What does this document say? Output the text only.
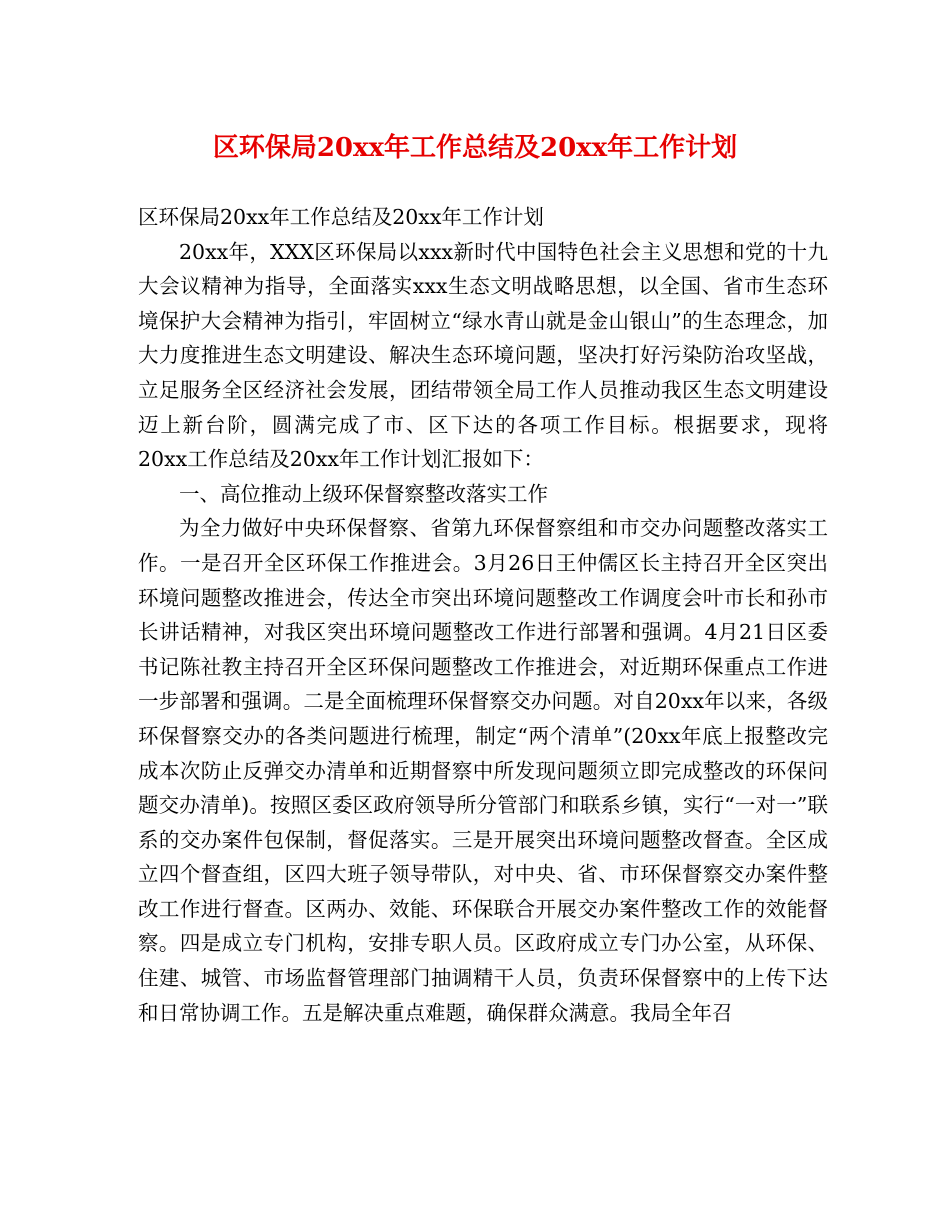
区环保局20xx年工作总结及20xx年工作计划

区环保局20xx年工作总结及20xx年工作计划

20xx年，XXX区环保局以xxx新时代中国特色社会主义思想和党的十九大会议精神为指导，全面落实xxx生态文明战略思想，以全国、省市生态环境保护大会精神为指引，牢固树立“绿水青山就是金山银山”的生态理念，加大力度推进生态文明建设、解决生态环境问题，坚决打好污染防治攻坚战，立足服务全区经济社会发展，团结带领全局工作人员推动我区生态文明建设迈上新台阶，圆满完成了市、区下达的各项工作目标。根据要求，现将 20xx工作总结及20xx年工作计划汇报如下：

一、高位推动上级环保督察整改落实工作

为全力做好中央环保督察、省第九环保督察组和市交办问题整改落实工作。一是召开全区环保工作推进会。3月26日王仲儒区长主持召开全区突出环境问题整改推进会，传达全市突出环境问题整改工作调度会叶市长和孙市长讲话精神，对我区突出环境问题整改工作进行部署和强调。4月21日区委书记陈社教主持召开全区环保问题整改工作推进会，对近期环保重点工作进一步部署和强调。二是全面梳理环保督察交办问题。对自20xx年以来，各级环保督察交办的各类问题进行梳理，制定“两个清单”(20xx年底上报整改完成本次防止反弹交办清单和近期督察中所发现问题须立即完成整改的环保问题交办清单)。按照区委区政府领导所分管部门和联系乡镇，实行“一对一”联系的交办案件包保制，督促落实。三是开展突出环境问题整改督查。全区成立四个督查组，区四大班子领导带队，对中央、省、市环保督察交办案件整改工作进行督查。区两办、效能、环保联合开展交办案件整改工作的效能督察。四是成立专门机构，安排专职人员。区政府成立专门办公室，从环保、住建、城管、市场监督管理部门抽调精干人员，负责环保督察中的上传下达和日常协调工作。五是解决重点难题，确保群众满意。我局全年召
